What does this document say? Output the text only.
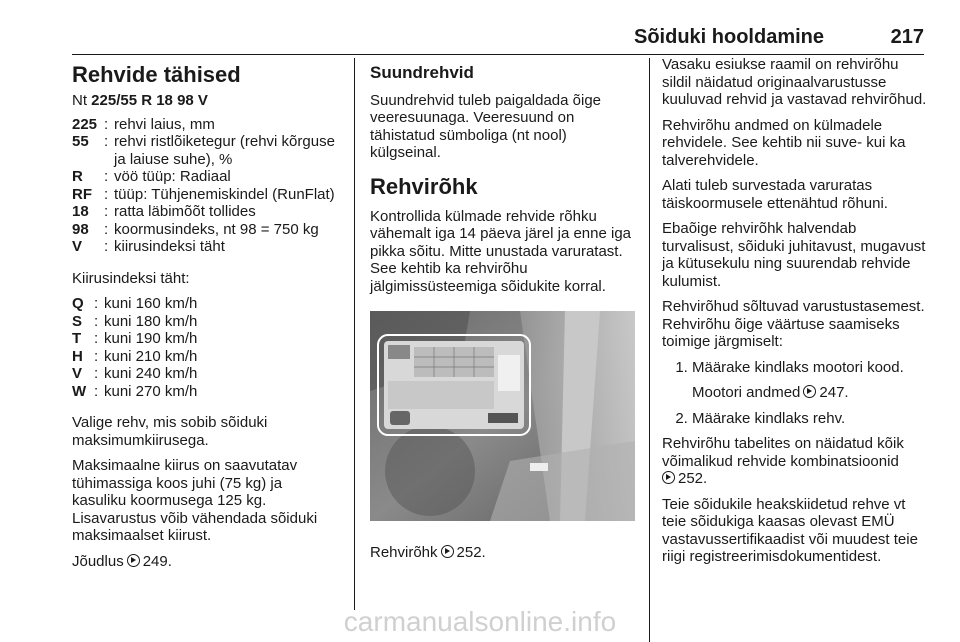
Sõiduki hooldamine	217
Rehvide tähised
Nt 225/55 R 18 98 V
225 : rehvi laius, mm
55	: rehvi ristlõiketegur (rehvi kõrguse ja laiuse suhe), %
R	: vöö tüüp: Radiaal
RF : tüüp: Tühjenemiskindel (RunFlat)
18	: ratta läbimõõt tollides
98	: koormusindeks, nt 98 = 750 kg
V	: kiirusindeksi täht

Kiirusindeksi täht:

Q : kuni 160 km/h
S : kuni 180 km/h
T : kuni 190 km/h
H : kuni 210 km/h
V : kuni 240 km/h
W : kuni 270 km/h

Valige rehv, mis sobib sõiduki maksimumkiirusega.

Maksimaalne kiirus on saavutatav tühimassiga koos juhi (75 kg) ja kasuliku koormusega 125 kg. Lisavarustus võib vähendada sõiduki maksimaalset kiirust.

Jõudlus 249.

Suundrehvid

Suundrehvid tuleb paigaldada õige veeresuunaga. Veeresuund on tähistatud sümboliga (nt nool) külgseinal.

Rehvirõhk

Kontrollida külmade rehvide rõhku vähemalt iga 14 päeva järel ja enne iga pikka sõitu. Mitte unustada varuratast. See kehtib ka rehvirõhu jälgimissüsteemiga sõidukite korral.

Rehvirõhk 252.

Vasaku esiukse raamil on rehvirõhu sildil näidatud originaalvarustusse kuuluvad rehvid ja vastavad rehvirõhud.

Rehvirõhu andmed on külmadele rehvidele. See kehtib nii suve- kui ka talverehvidele.

Alati tuleb survestada varuratas täiskoormusele ettenähtud rõhuni.

Ebaõige rehvirõhk halvendab turvalisust, sõiduki juhitavust, mugavust ja kütusekulu ning suurendab rehvide kulumist.

Rehvirõhud sõltuvad varustustasemest. Rehvirõhu õige väärtuse saamiseks toimige järgmiselt:

1. Määrake kindlaks mootori kood.
Mootori andmed 247.
2. Määrake kindlaks rehv.

Rehvirõhu tabelites on näidatud kõik võimalikud rehvide kombinatsioonid
252.

Teie sõidukile heakskiidetud rehve vt teie sõidukiga kaasas olevast EMÜ vastavussertifikaadist või muudest teie riigi registreerimisdokumentidest.

carmanualsonline.info
